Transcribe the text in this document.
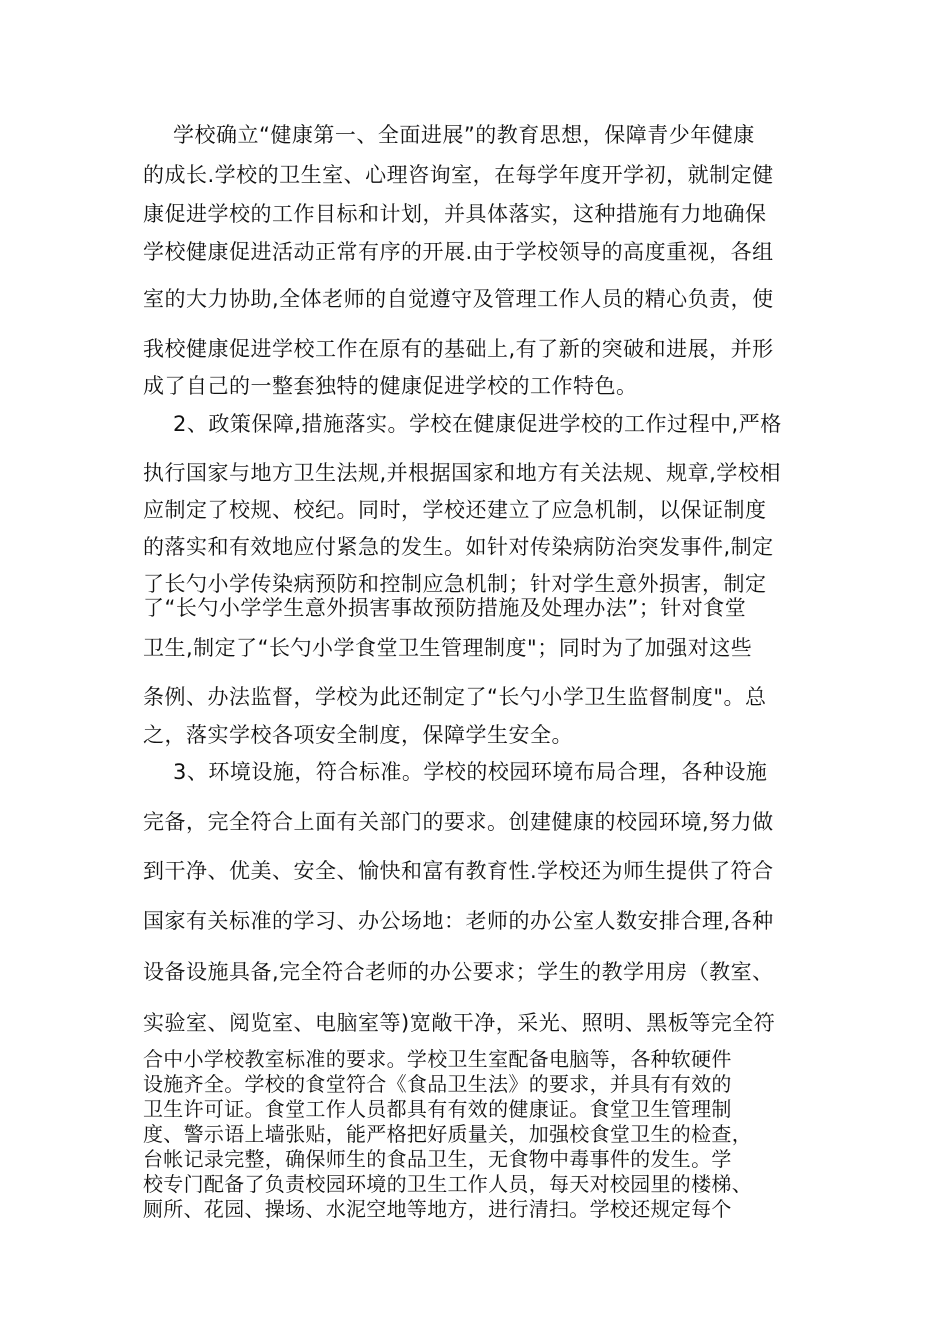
学校确立“健康第一、全面进展”的教育思想，保障青少年健康
的成长.学校的卫生室、心理咨询室，在每学年度开学初，就制定健
康促进学校的工作目标和计划，并具体落实，这种措施有力地确保
学校健康促进活动正常有序的开展.由于学校领导的高度重视，各组
室的大力协助,全体老师的自觉遵守及管理工作人员的精心负责，使
我校健康促进学校工作在原有的基础上,有了新的突破和进展，并形
成了自己的一整套独特的健康促进学校的工作特色。
2、政策保障,措施落实。学校在健康促进学校的工作过程中,严格
执行国家与地方卫生法规,并根据国家和地方有关法规、规章,学校相
应制定了校规、校纪。同时，学校还建立了应急机制，以保证制度
的落实和有效地应付紧急的发生。如针对传染病防治突发事件,制定
了长勺小学传染病预防和控制应急机制；针对学生意外损害，制定
了“长勺小学学生意外损害事故预防措施及处理办法”；针对食堂
卫生,制定了“长勺小学食堂卫生管理制度"；同时为了加强对这些
条例、办法监督，学校为此还制定了“长勺小学卫生监督制度"。总
之，落实学校各项安全制度，保障学生安全。
3、环境设施，符合标准。学校的校园环境布局合理，各种设施
完备，完全符合上面有关部门的要求。创建健康的校园环境,努力做
到干净、优美、安全、愉快和富有教育性.学校还为师生提供了符合
国家有关标准的学习、办公场地：老师的办公室人数安排合理,各种
设备设施具备,完全符合老师的办公要求；学生的教学用房（教室、
实验室、阅览室、电脑室等)宽敞干净，采光、照明、黑板等完全符
合中小学校教室标准的要求。学校卫生室配备电脑等，各种软硬件
设施齐全。学校的食堂符合《食品卫生法》的要求，并具有有效的
卫生许可证。食堂工作人员都具有有效的健康证。食堂卫生管理制
度、警示语上墙张贴，能严格把好质量关，加强校食堂卫生的检查，
台帐记录完整，确保师生的食品卫生，无食物中毒事件的发生。学
校专门配备了负责校园环境的卫生工作人员，每天对校园里的楼梯、
厕所、花园、操场、水泥空地等地方，进行清扫。学校还规定每个
